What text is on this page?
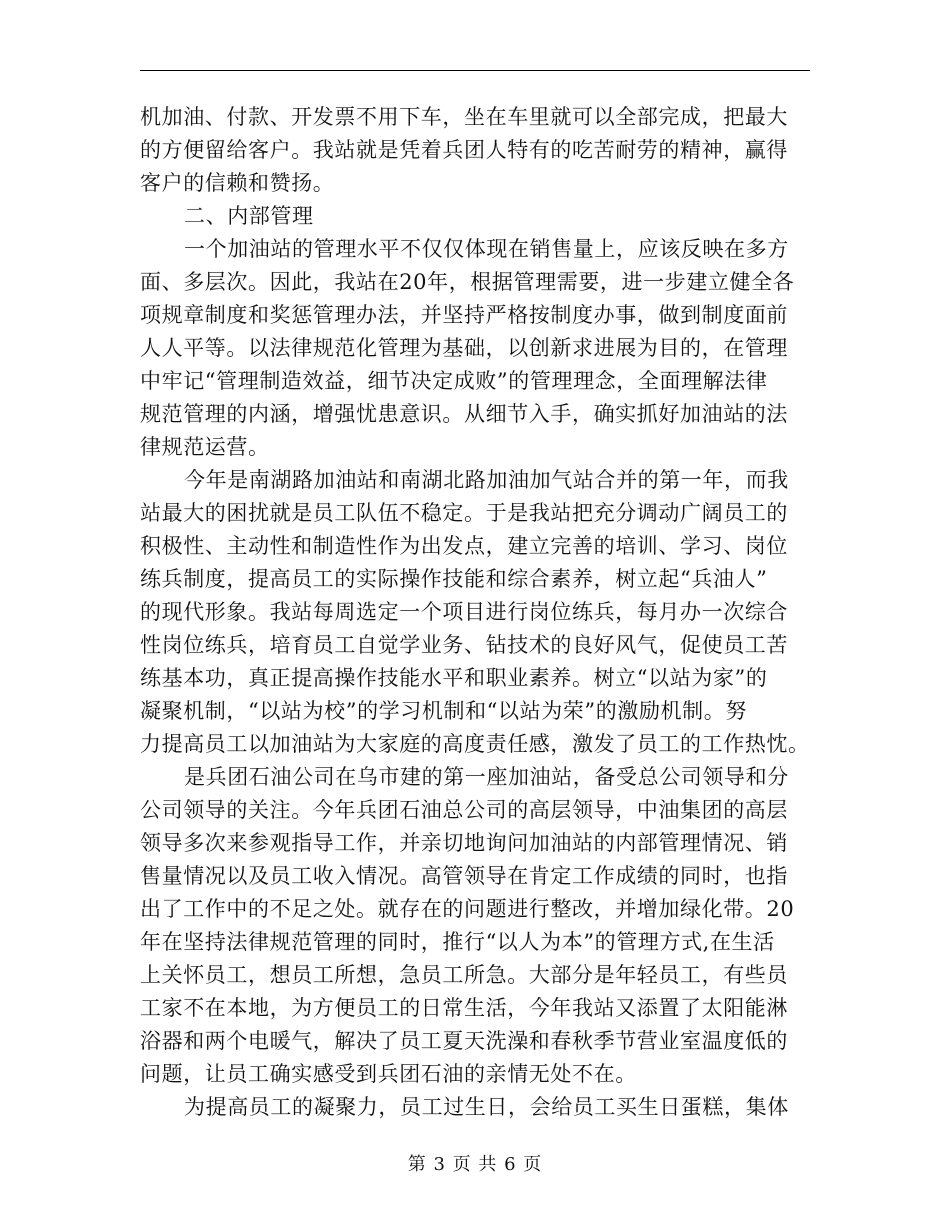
机加油、付款、开发票不用下车，坐在车里就可以全部完成，把最大
的方便留给客户。我站就是凭着兵团人特有的吃苦耐劳的精神，赢得
客户的信赖和赞扬。
二、内部管理
一个加油站的管理水平不仅仅体现在销售量上，应该反映在多方
面、多层次。因此，我站在20年，根据管理需要，进一步建立健全各
项规章制度和奖惩管理办法，并坚持严格按制度办事，做到制度面前
人人平等。以法律规范化管理为基础，以创新求进展为目的，在管理
中牢记“管理制造效益，细节决定成败”的管理理念，全面理解法律
规范管理的内涵，增强忧患意识。从细节入手，确实抓好加油站的法
律规范运营。
今年是南湖路加油站和南湖北路加油加气站合并的第一年，而我
站最大的困扰就是员工队伍不稳定。于是我站把充分调动广阔员工的
积极性、主动性和制造性作为出发点，建立完善的培训、学习、岗位
练兵制度，提高员工的实际操作技能和综合素养，树立起“兵油人”
的现代形象。我站每周选定一个项目进行岗位练兵，每月办一次综合
性岗位练兵，培育员工自觉学业务、钻技术的良好风气，促使员工苦
练基本功，真正提高操作技能水平和职业素养。树立“以站为家”的
凝聚机制，“以站为校”的学习机制和“以站为荣”的激励机制。努
力提高员工以加油站为大家庭的高度责任感，激发了员工的工作热忱。
是兵团石油公司在乌市建的第一座加油站，备受总公司领导和分
公司领导的关注。今年兵团石油总公司的高层领导，中油集团的高层
领导多次来参观指导工作，并亲切地询问加油站的内部管理情况、销
售量情况以及员工收入情况。高管领导在肯定工作成绩的同时，也指
出了工作中的不足之处。就存在的问题进行整改，并增加绿化带。20
年在坚持法律规范管理的同时，推行“以人为本”的管理方式,在生活
上关怀员工，想员工所想，急员工所急。大部分是年轻员工，有些员
工家不在本地，为方便员工的日常生活，今年我站又添置了太阳能淋
浴器和两个电暖气，解决了员工夏天洗澡和春秋季节营业室温度低的
问题，让员工确实感受到兵团石油的亲情无处不在。
为提高员工的凝聚力，员工过生日，会给员工买生日蛋糕，集体
第 3 页 共 6 页
